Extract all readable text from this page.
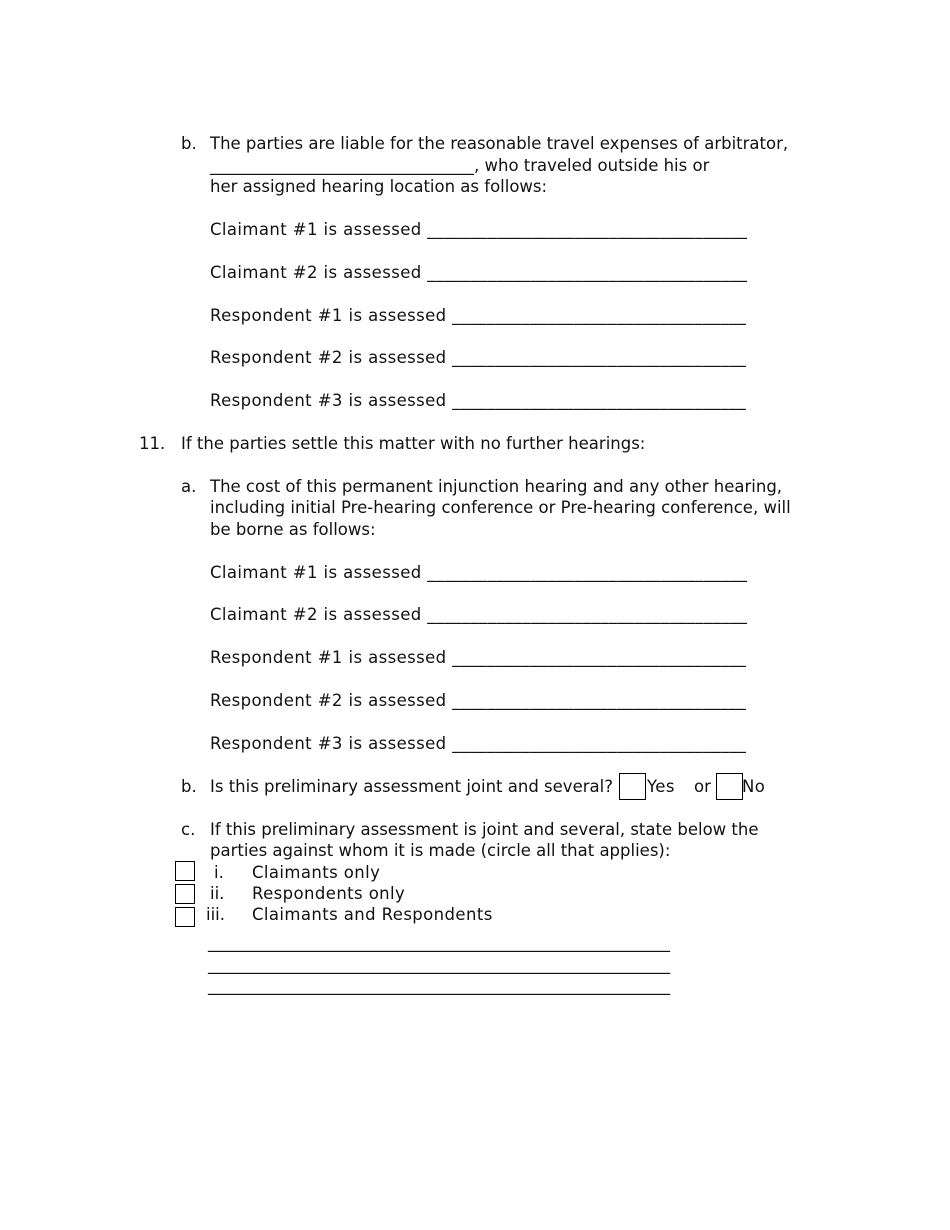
b. The parties are liable for the reasonable travel expenses of arbitrator,
________________________________, who traveled outside his or
her assigned hearing location as follows:
Claimant #1 is assessed _____________________________________
Claimant #2 is assessed _____________________________________
Respondent #1 is assessed __________________________________
Respondent #2 is assessed __________________________________
Respondent #3 is assessed __________________________________
11. If the parties settle this matter with no further hearings:
a. The cost of this permanent injunction hearing and any other hearing,
including initial Pre-hearing conference or Pre-hearing conference, will
be borne as follows:
Claimant #1 is assessed _____________________________________
Claimant #2 is assessed _____________________________________
Respondent #1 is assessed __________________________________
Respondent #2 is assessed __________________________________
Respondent #3 is assessed __________________________________
b. Is this preliminary assessment joint and several? Yes or No
c. If this preliminary assessment is joint and several, state below the
parties against whom it is made (circle all that applies):
i. Claimants only
ii. Respondents only
iii. Claimants and Respondents
________________________________________________________
________________________________________________________
________________________________________________________
